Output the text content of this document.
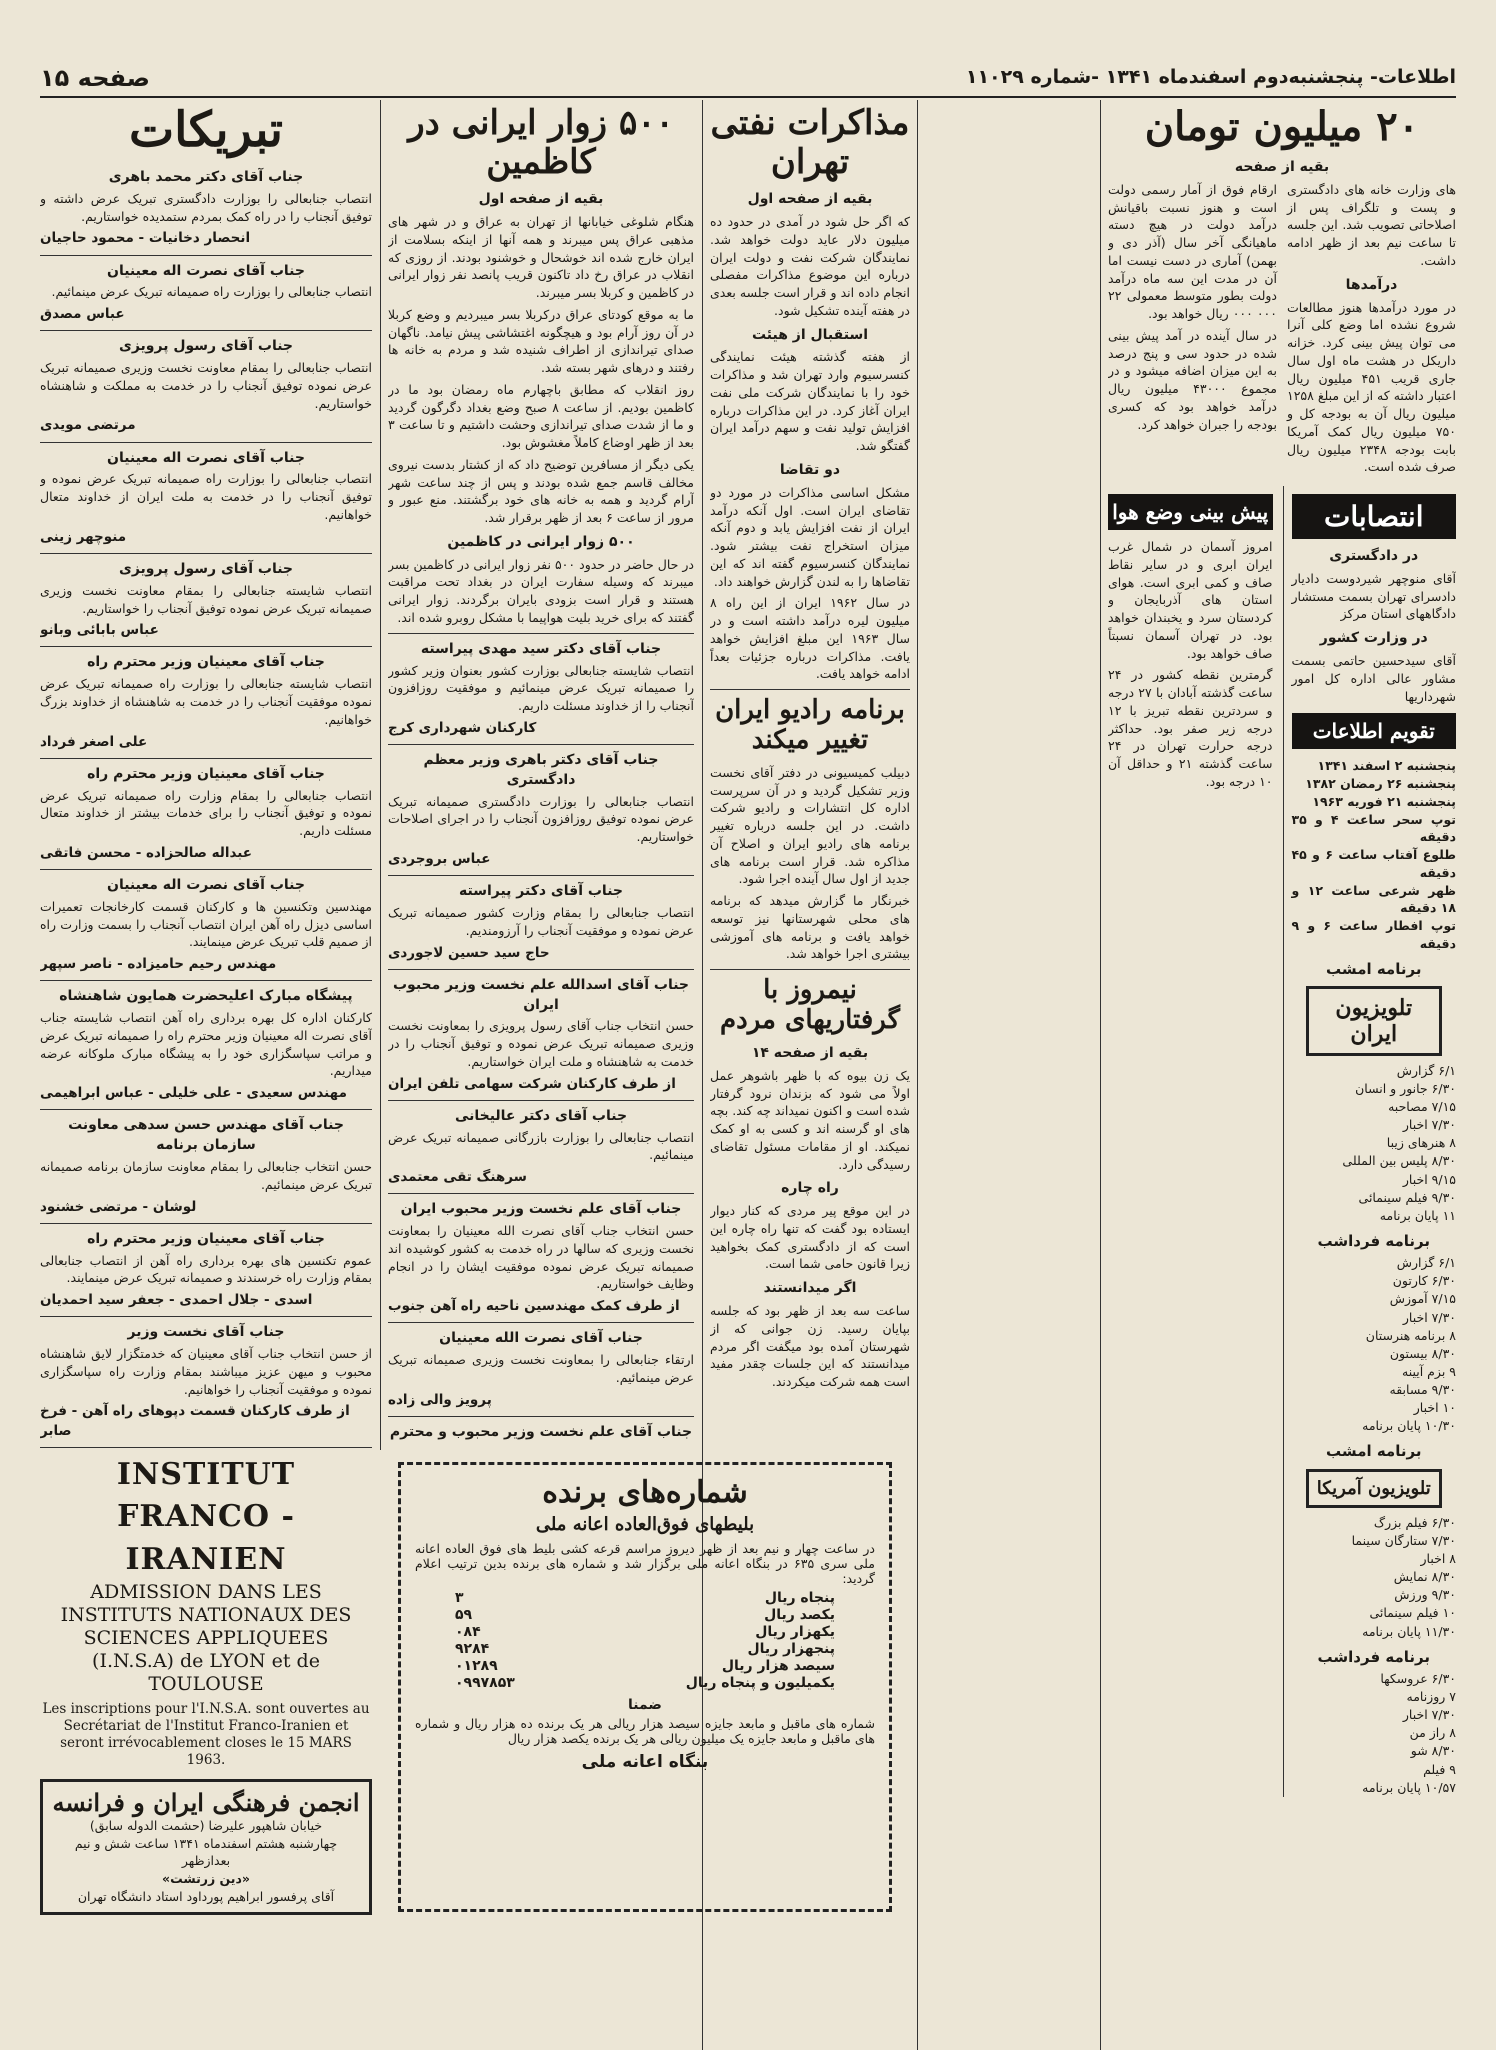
صفحه ۱۵	اطلاعات- پنجشنبه‌دوم اسفندماه ۱۳۴۱ -شماره ۱۱۰۲۹
۲۰ میلیون تومان
بقیه از صفحه

های وزارت خانه های دادگستری و پست و تلگراف پس از اصلاحاتی تصویب شد. این جلسه تا ساعت نیم بعد از ظهر ادامه داشت.

درآمدها

در مورد درآمدها هنوز مطالعات شروع نشده اما وضع کلی آنرا می توان پیش بینی کرد. خزانه داریکل در هشت ماه اول سال جاری قریب ۴۵۱ میلیون ریال اعتبار داشته که از این مبلغ ۱۲۵۸ میلیون ریال آن به بودجه کل و ۷۵۰ میلیون ریال کمک آمریکا بابت بودجه ۲۳۴۸ میلیون ریال صرف شده است.

ارقام فوق از آمار رسمی دولت است و هنوز نسبت باقیانش درآمد دولت در هیچ دسته ماهیانگی آخر سال (آذر دی و بهمن) آماری در دست نیست اما آن در مدت این سه ماه درآمد دولت بطور متوسط معمولی ۲۲ ۰۰۰ ۰۰۰ ریال خواهد بود.

در سال آینده در آمد پیش بینی شده در حدود سی و پنج درصد به این میزان اضافه میشود و در مجموع ۴۳۰۰۰ میلیون ریال درآمد خواهد بود که کسری بودجه را جبران خواهد کرد.

انتصابات
در دادگستری

آقای منوچهر شیردوست دادیار دادسرای تهران بسمت مستشار دادگاههای استان مرکز

در وزارت کشور

آقای سیدحسین حاتمی بسمت مشاور عالی اداره کل امور شهرداریها

تقویم اطلاعات
پنجشنبه ۲ اسفند ۱۳۴۱
پنجشنبه ۲۶ رمضان ۱۳۸۲
پنجشنبه ۲۱ فوریه ۱۹۶۳
توپ سحر ساعت ۴ و ۳۵ دقیقه
طلوع آفتاب ساعت ۶ و ۴۵ دقیقه
ظهر شرعی ساعت ۱۲ و ۱۸ دقیقه
توپ افطار ساعت ۶ و ۹ دقیقه
برنامه امشب
تلویزیون ایران
۶/۱ گزارش
۶/۳۰ جانور و انسان
۷/۱۵ مصاحبه
۷/۳۰ اخبار
۸ هنرهای زیبا
۸/۳۰ پلیس بین المللی
۹/۱۵ اخبار
۹/۳۰ فیلم سینمائی
۱۱ پایان برنامه
برنامه فرداشب
۶/۱ گزارش
۶/۳۰ کارتون
۷/۱۵ آموزش
۷/۳۰ اخبار
۸ برنامه هنرستان
۸/۳۰ بیستون
۹ بزم آیینه
۹/۳۰ مسابقه
۱۰ اخبار
۱۰/۳۰ پایان برنامه
برنامه امشب
تلویزیون آمریکا
۶/۳۰ فیلم بزرگ
۷/۳۰ ستارگان سینما
۸ اخبار
۸/۳۰ نمایش
۹/۳۰ ورزش
۱۰ فیلم سینمائی
۱۱/۳۰ پایان برنامه
برنامه فرداشب
۶/۳۰ عروسکها
۷ روزنامه
۷/۳۰ اخبار
۸ راز من
۸/۳۰ شو
۹ فیلم
۱۰/۵۷ پایان برنامه
پیش بینی وضع هوا

امروز آسمان در شمال غرب ایران ابری و در سایر نقاط صاف و کمی ابری است. هوای استان های آذربایجان و کردستان سرد و یخبندان خواهد بود. در تهران آسمان نسبتاً صاف خواهد بود.

گرمترین نقطه کشور در ۲۴ ساعت گذشته آبادان با ۲۷ درجه و سردترین نقطه تبریز با ۱۲ درجه زیر صفر بود. حداکثر درجه حرارت تهران در ۲۴ ساعت گذشته ۲۱ و حداقل آن ۱۰ درجه بود.

مذاکرات نفتی تهران
بقیه از صفحه اول

که اگر حل شود در آمدی در حدود ده میلیون دلار عاید دولت خواهد شد. نمایندگان شرکت نفت و دولت ایران درباره این موضوع مذاکرات مفصلی انجام داده اند و قرار است جلسه بعدی در هفته آینده تشکیل شود.

استقبال از هیئت

از هفته گذشته هیئت نمایندگی کنسرسیوم وارد تهران شد و مذاکرات خود را با نمایندگان شرکت ملی نفت ایران آغاز کرد. در این مذاکرات درباره افزایش تولید نفت و سهم درآمد ایران گفتگو شد.

دو تقاضا

مشکل اساسی مذاکرات در مورد دو تقاضای ایران است. اول آنکه درآمد ایران از نفت افزایش یابد و دوم آنکه میزان استخراج نفت بیشتر شود. نمایندگان کنسرسیوم گفته اند که این تقاضاها را به لندن گزارش خواهند داد.

در سال ۱۹۶۲ ایران از این راه ۸ میلیون لیره درآمد داشته است و در سال ۱۹۶۳ این مبلغ افزایش خواهد یافت. مذاکرات درباره جزئیات بعداً ادامه خواهد یافت.

برنامه رادیو ایران تغییر میکند

دبیلب کمیسیونی در دفتر آقای نخست وزیر تشکیل گردید و در آن سرپرست اداره کل انتشارات و رادیو شرکت داشت. در این جلسه درباره تغییر برنامه های رادیو ایران و اصلاح آن مذاکره شد. قرار است برنامه های جدید از اول سال آینده اجرا شود.

خبرنگار ما گزارش میدهد که برنامه های محلی شهرستانها نیز توسعه خواهد یافت و برنامه های آموزشی بیشتری اجرا خواهد شد.

نیمروز با گرفتاریهای مردم
بقیه از صفحه ۱۴

یک زن بیوه که با ظهر باشوهر عمل اولاً می شود که بزندان نرود گرفتار شده است و اکنون نمیداند چه کند. بچه های او گرسنه اند و کسی به او کمک نمیکند. او از مقامات مسئول تقاضای رسیدگی دارد.

راه چاره

در این موقع پیر مردی که کنار دیوار ایستاده بود گفت که تنها راه چاره این است که از دادگستری کمک بخواهید زیرا قانون حامی شما است.

اگر میدانستند

ساعت سه بعد از ظهر بود که جلسه بپایان رسید. زن جوانی که از شهرستان آمده بود میگفت اگر مردم میدانستند که این جلسات چقدر مفید است همه شرکت میکردند.

۵۰۰ زوار ایرانی در کاظمین
بقیه از صفحه اول

هنگام شلوغی خیابانها از تهران به عراق و در شهر های مذهبی عراق پس میبرند و همه آنها از اینکه بسلامت از ایران خارج شده اند خوشحال و خوشنود بودند. از روزی که انقلاب در عراق رخ داد تاکنون قریب پانصد نفر زوار ایرانی در کاظمین و کربلا بسر میبرند.

ما به موقع کودتای عراق درکربلا بسر میبردیم و وضع کربلا در آن روز آرام بود و هیچگونه اغتشاشی پیش نیامد. ناگهان صدای تیراندازی از اطراف شنیده شد و مردم به خانه ها رفتند و درهای شهر بسته شد.

روز انقلاب که مطابق باچهارم ماه رمضان بود ما در کاظمین بودیم. از ساعت ۸ صبح وضع بغداد دگرگون گردید و ما از شدت صدای تیراندازی وحشت داشتیم و تا ساعت ۳ بعد از ظهر اوضاع کاملاً مغشوش بود.

یکی دیگر از مسافرین توضیح داد که از کشتار بدست نیروی مخالف قاسم جمع شده بودند و پس از چند ساعت شهر آرام گردید و همه به خانه های خود برگشتند. منع عبور و مرور از ساعت ۶ بعد از ظهر برقرار شد.

۵۰۰ زوار ایرانی در کاظمین

در حال حاضر در حدود ۵۰۰ نفر زوار ایرانی در کاظمین بسر میبرند که وسیله سفارت ایران در بغداد تحت مراقبت هستند و قرار است بزودی بایران برگردند. زوار ایرانی گفتند که برای خرید بلیت هواپیما با مشکل روبرو شده اند.

جناب آقای دکتر سید مهدی پیراسته

انتصاب شایسته جنابعالی بوزارت کشور بعنوان وزیر کشور را صمیمانه تبریک عرض مینمائیم و موفقیت روزافزون آنجناب را از خداوند مسئلت داریم.

کارکنان شهرداری کرج
جناب آقای دکتر باهری وزیر معظم دادگستری

انتصاب جنابعالی را بوزارت دادگستری صمیمانه تبریک عرض نموده توفیق روزافزون آنجناب را در اجرای اصلاحات خواستاریم.

عباس بروجردی
جناب آقای دکتر پیراسته

انتصاب جنابعالی را بمقام وزارت کشور صمیمانه تبریک عرض نموده و موفقیت آنجناب را آرزومندیم.

حاج سید حسین لاجوردی
جناب آقای اسدالله علم نخست وزیر محبوب ایران

حسن انتخاب جناب آقای رسول پرویزی را بمعاونت نخست وزیری صمیمانه تبریک عرض نموده و توفیق آنجناب را در خدمت به شاهنشاه و ملت ایران خواستاریم.

از طرف کارکنان شرکت سهامی تلفن ایران
جناب آقای دکتر عالیخانی

انتصاب جنابعالی را بوزارت بازرگانی صمیمانه تبریک عرض مینمائیم.

سرهنگ تقی معتمدی
جناب آقای علم نخست وزیر محبوب ایران

حسن انتخاب جناب آقای نصرت الله معینیان را بمعاونت نخست وزیری که سالها در راه خدمت به کشور کوشیده اند صمیمانه تبریک عرض نموده موفقیت ایشان را در انجام وظایف خواستاریم.

از طرف کمک مهندسین ناحیه راه آهن جنوب
جناب آقای نصرت الله معینیان

ارتقاء جنابعالی را بمعاونت نخست وزیری صمیمانه تبریک عرض مینمائیم.

پرویز والی زاده
جناب آقای علم نخست وزیر محبوب و محترم

تبریکات
جناب آقای دکتر محمد باهری

انتصاب جنابعالی را بوزارت دادگستری تبریک عرض داشته و توفیق آنجناب را در راه کمک بمردم ستمدیده خواستاریم.

انحصار دخانیات - محمود حاجیان
جناب آقای نصرت اله معینیان

انتصاب جنابعالی را بوزارت راه صمیمانه تبریک عرض مینمائیم.

عباس مصدق
جناب آقای رسول پرویزی

انتصاب جنابعالی را بمقام معاونت نخست وزیری صمیمانه تبریک عرض نموده توفیق آنجناب را در خدمت به مملکت و شاهنشاه خواستاریم.

مرتضی مویدی
جناب آقای نصرت اله معینیان

انتصاب جنابعالی را بوزارت راه صمیمانه تبریک عرض نموده و توفیق آنجناب را در خدمت به ملت ایران از خداوند متعال خواهانیم.

منوچهر زینی
جناب آقای رسول پرویزی

انتصاب شایسته جنابعالی را بمقام معاونت نخست وزیری صمیمانه تبریک عرض نموده توفیق آنجناب را خواستاریم.

عباس بابائی وبانو
جناب آقای معینیان وزیر محترم راه

انتصاب شایسته جنابعالی را بوزارت راه صمیمانه تبریک عرض نموده موفقیت آنجناب را در خدمت به شاهنشاه از خداوند بزرگ خواهانیم.

علی اصغر فرداد
جناب آقای معینیان وزیر محترم راه

انتصاب جنابعالی را بمقام وزارت راه صمیمانه تبریک عرض نموده و توفیق آنجناب را برای خدمات بیشتر از خداوند متعال مسئلت داریم.

عبداله صالحزاده - محسن فاتقی
جناب آقای نصرت اله معینیان

مهندسین وتکنسین ها و کارکنان قسمت کارخانجات تعمیرات اساسی دیزل راه آهن ایران انتصاب آنجناب را بسمت وزارت راه از صمیم قلب تبریک عرض مینمایند.

مهندس رحیم حامیزاده - ناصر سپهر
پیشگاه مبارک اعلیحضرت همایون شاهنشاه

کارکنان اداره کل بهره برداری راه آهن انتصاب شایسته جناب آقای نصرت اله معینیان وزیر محترم راه را صمیمانه تبریک عرض و مراتب سپاسگزاری خود را به پیشگاه مبارک ملوکانه عرضه میداریم.

مهندس سعیدی - علی خلیلی - عباس ابراهیمی
جناب آقای مهندس حسن سدهی معاونت سازمان برنامه

حسن انتخاب جنابعالی را بمقام معاونت سازمان برنامه صمیمانه تبریک عرض مینمائیم.

لوشان - مرتضی خشنود
جناب آقای معینیان وزیر محترم راه

عموم تکنسین های بهره برداری راه آهن از انتصاب جنابعالی بمقام وزارت راه خرسندند و صمیمانه تبریک عرض مینمایند.

اسدی - جلال احمدی - جعفر سید احمدیان
جناب آقای نخست وزیر

از حسن انتخاب جناب آقای معینیان که خدمتگزار لایق شاهنشاه محبوب و میهن عزیز میباشند بمقام وزارت راه سپاسگزاری نموده و موفقیت آنجناب را خواهانیم.

از طرف کارکنان قسمت دپوهای راه آهن - فرخ صابر
INSTITUT FRANCO - IRANIEN
ADMISSION DANS LES INSTITUTS NATIONAUX DES SCIENCES APPLIQUEES (I.N.S.A) de LYON et de TOULOUSE
Les inscriptions pour l'I.N.S.A. sont ouvertes au Secrétariat de l'Institut Franco-Iranien et seront irrévocablement closes le 15 MARS 1963.
انجمن فرهنگی ایران و فرانسه
خیابان شاهپور علیرضا (حشمت الدوله سابق)
چهارشنبه هشتم اسفندماه ۱۳۴۱ ساعت شش و نیم بعدازظهر
«دین زرتشت»
آقای پرفسور ابراهیم پورداود استاد دانشگاه تهران
شماره‌های برنده
بلیطهای فوق‌العاده اعانه ملی

در ساعت چهار و نیم بعد از ظهر دیروز مراسم قرعه کشی بلیط های فوق العاده اعانه ملی سری ۶۳۵ در بنگاه اعانه ملی برگزار شد و شماره های برنده بدین ترتیب اعلام گردید:

پنجاه ریال
۳
یکصد ریال
۵۹
یکهزار ریال
۰۸۴
پنجهزار ریال
۹۲۸۴
سیصد هزار ریال
۰۱۲۸۹
یکمیلیون و پنجاه ریال
۰۹۹۷۸۵۳
ضمنا

شماره های ماقبل و مابعد جایزه سیصد هزار ریالی هر یک برنده ده هزار ریال و شماره های ماقبل و مابعد جایزه یک میلیون ریالی هر یک برنده یکصد هزار ریال

بنگاه اعانه ملی
